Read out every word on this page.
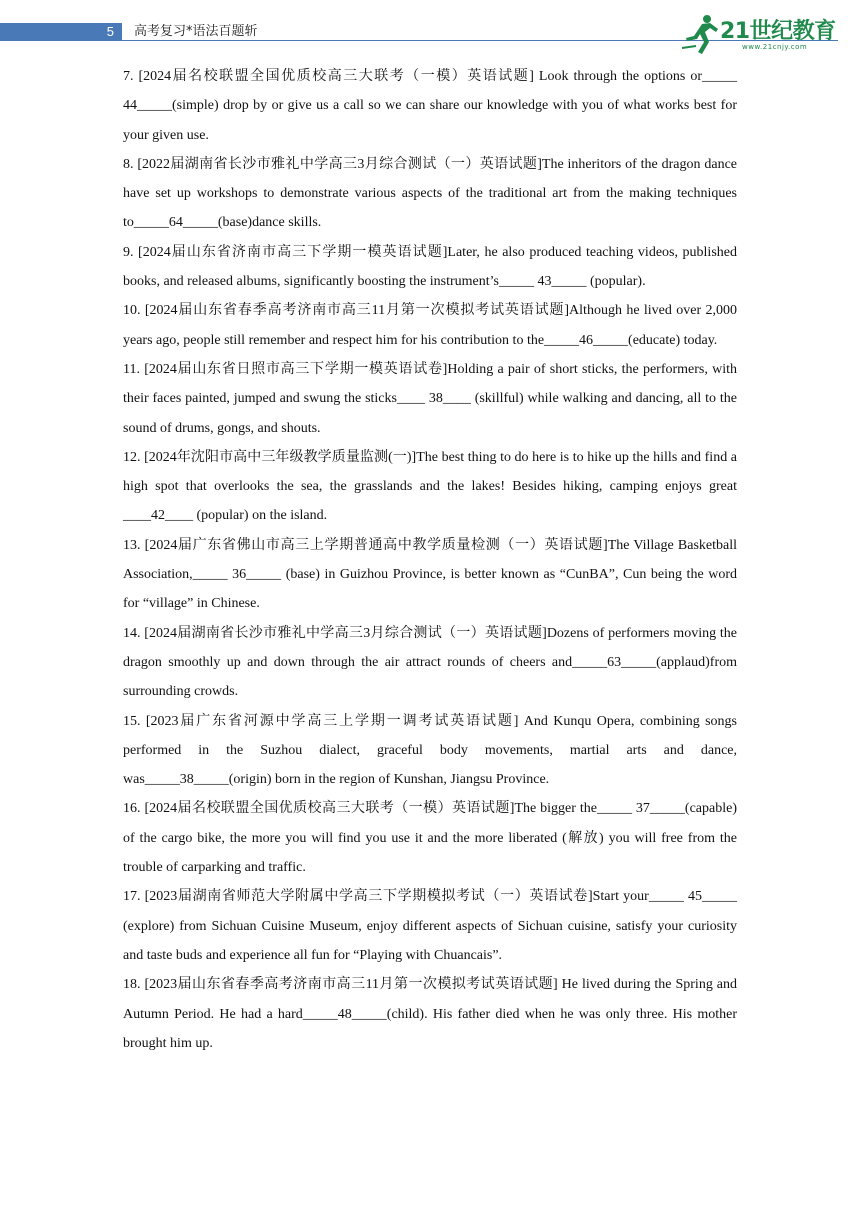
5	高考复习*语法百题斩	21世纪教育
www.21cnjy.com

7. [2024届名校联盟全国优质校高三大联考（一模）英语试题] Look through the options or_____ 44_____(simple) drop by or give us a call so we can share our knowledge with you of what works best for your given use.

8. [2022届湖南省长沙市雅礼中学高三3月综合测试（一）英语试题]The inheritors of the dragon dance have set up workshops to demonstrate various aspects of the traditional art from the making techniques to_____64_____(base)dance skills.

9. [2024届山东省济南市高三下学期一模英语试题]Later, he also produced teaching videos, published books, and released albums, significantly boosting the instrument’s_____ 43_____ (popular).

10. [2024届山东省春季高考济南市高三11月第一次模拟考试英语试题]Although he lived over 2,000 years ago, people still remember and respect him for his contribution to the_____46_____(educate) today.

11. [2024届山东省日照市高三下学期一模英语试卷]Holding a pair of short sticks, the performers, with their faces painted, jumped and swung the sticks____ 38____ (skillful) while walking and dancing, all to the sound of drums, gongs, and shouts.

12. [2024年沈阳市高中三年级教学质量监测(一)]The best thing to do here is to hike up the hills and find a high spot that overlooks the sea, the grasslands and the lakes! Besides hiking, camping enjoys great ____42____ (popular) on the island.

13. [2024届广东省佛山市高三上学期普通高中教学质量检测（一）英语试题]The Village Basketball Association,_____ 36_____ (base) in Guizhou Province, is better known as “CunBA”, Cun being the word for “village” in Chinese.

14. [2024届湖南省长沙市雅礼中学高三3月综合测试（一）英语试题]Dozens of performers moving the dragon smoothly up and down through the air attract rounds of cheers and_____63_____(applaud)from surrounding crowds.

15. [2023届广东省河源中学高三上学期一调考试英语试题] And Kunqu Opera, combining songs performed in the Suzhou dialect, graceful body movements, martial arts and dance, was_____38_____(origin) born in the region of Kunshan, Jiangsu Province.

16. [2024届名校联盟全国优质校高三大联考（一模）英语试题]The bigger the_____ 37_____(capable) of the cargo bike, the more you will find you use it and the more liberated (解放) you will free from the trouble of carparking and traffic.

17. [2023届湖南省师范大学附属中学高三下学期模拟考试（一）英语试卷]Start your_____ 45_____ (explore) from Sichuan Cuisine Museum, enjoy different aspects of Sichuan cuisine, satisfy your curiosity and taste buds and experience all fun for “Playing with Chuancais”.

18. [2023届山东省春季高考济南市高三11月第一次模拟考试英语试题] He lived during the Spring and Autumn Period. He had a hard_____48_____(child). His father died when he was only three. His mother brought him up.
